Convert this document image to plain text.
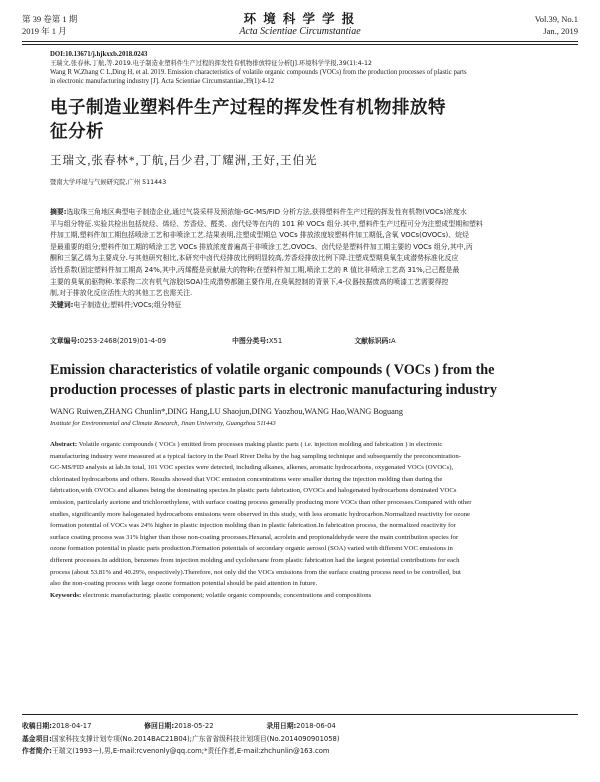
第 39 卷第 1 期
2019 年 1 月
环 境 科 学 学 报
Acta Scientiae Circumstantiae
Vol.39, No.1
Jan., 2019
DOI:10.13671/j.hjkxxb.2018.0243
王瑞文,张春林,丁航,等.2019.电子制造业塑料件生产过程的挥发性有机物排放特征分析[J].环境科学学报,39(1):4-12
Wang R W,Zhang C L,Ding H, et al. 2019. Emission characteristics of volatile organic compounds (VOCs) from the production processes of plastic parts
in electronic manufacturing industry [J]. Acta Scientiae Circumstantiae,39(1):4-12
电子制造业塑料件生产过程的挥发性有机物排放特
征分析
王瑞文,张春林*,丁航,吕少君,丁耀洲,王好,王伯光
暨南大学环境与气候研究院,广州 511443
摘要:选取珠三角地区典型电子制造企业,通过气袋采样及预浓缩-GC-MS/FID 分析方法,获得塑料件生产过程的挥发性有机物(VOCs)浓度水
平与组分特征.实验共检出包括烷烃、烯烃、芳香烃、醛类、卤代烃等在内的 101 种 VOCs 组分.其中,塑料件生产过程可分为注塑成型期和塑料
件加工期,塑料件加工期包括喷涂工艺和非喷涂工艺.结果表明,注塑成型期总 VOCs 排放浓度较塑料件加工期低,含氧 VOCs(OVOCs)、烷烃
是最重要的组分;塑料件加工期的喷涂工艺 VOCs 排放浓度普遍高于非喷涂工艺,OVOCs、卤代烃是塑料件加工期主要的 VOCs 组分,其中,丙
酮和三氯乙烯为主要成分.与其他研究相比,本研究中卤代烃排放比例明显较高,芳香烃排放比例下降.注塑成型期臭氧生成潜势标准化反应
活性系数(固定塑料件加工期高 24%,其中,丙烯醛是贡献最大的物种;在塑料件加工期,喷涂工艺的 R 值比非喷涂工艺高 31%,己己醛是最
主要的臭氧前驱物种.苯系物二次有机气溶胶(SOA)生成潜势都随主要作用,在臭氧控制的背景下,4-仪器按据废高的喷漆工艺需要得控
制,对于排放化反应活性大的其他工艺也需关注.
关键词:电子制造业;塑料件;VOCs;组分特征
文章编号:0253-2468(2019)01-4-09	中图分类号:X51	文献标识码:A
Emission characteristics of volatile organic compounds ( VOCs ) from the
production processes of plastic parts in electronic manufacturing industry
WANG Ruiwen,ZHANG Chunlin*,DING Hang,LU Shaojun,DING Yaozhou,WANG Hao,WANG Boguang
Institute for Environmental and Climate Research, Jinan University, Guangzhou 511443
Abstract: Volatile organic compounds ( VOCs ) emitted from processes making plastic parts ( i.e. injection molding and fabrication ) in electronic
manufacturing industry were measured at a typical factory in the Pearl River Delta by the bag sampling technique and subsequently the preconcentration-
GC-MS/FID analysis at lab.In total, 101 VOC species were detected, including alkanes, alkenes, aromatic hydrocarbons, oxygenated VOCs (OVOCs),
chlorinated hydrocarbons and others. Results showed that VOC emission concentrations were smaller during the injection molding than during the
fabrication,with OVOCs and alkanes being the dominating species.In plastic parts fabrication, OVOCs and halogenated hydrocarbons dominated VOCs
emission, particularly acetone and trichloroethylene, with surface coating process generally producing more VOCs than other processes.Compared with other
studies, significantly more halogenated hydrocarbons emissions were observed in this study, with less aromatic hydrocarbon.Normalized reactivity for ozone
formation potential of VOCs was 24% higher in plastic injection molding than in plastic fabrication.In fabrication process, the normalized reactivity for
surface coating process was 31% higher than those non-coating processes.Hexanal, acrolein and propionaldehyde were the main contribution species for
ozone formation potential in plastic parts production.Formation potentials of secondary organic aerosol (SOA) varied with different VOC emissions in
different processes.In addition, benzenes from injection molding and cyclohexane from plastic fabrication had the largest potential contributions for each
process (about 53.81% and 40.29%, respectively).Therefore, not only did the VOCs emissions from the surface coating process need to be controlled, but
also the non-coating process with large ozone formation potential should be paid attention in future.
Keywords: electronic manufacturing; plastic component; volatile organic compounds; concentrations and compositions
收稿日期:2018-04-17	修回日期:2018-05-22	录用日期:2018-06-04
基金项目:国家科技支撑计划专项(No.2014BAC21B04);广东省省级科技计划项目(No.2014090901058)
作者简介:王瑞文(1993—),男,E-mail:rcvenonly@qq.com;*责任作者,E-mail:zhchunlin@163.com
